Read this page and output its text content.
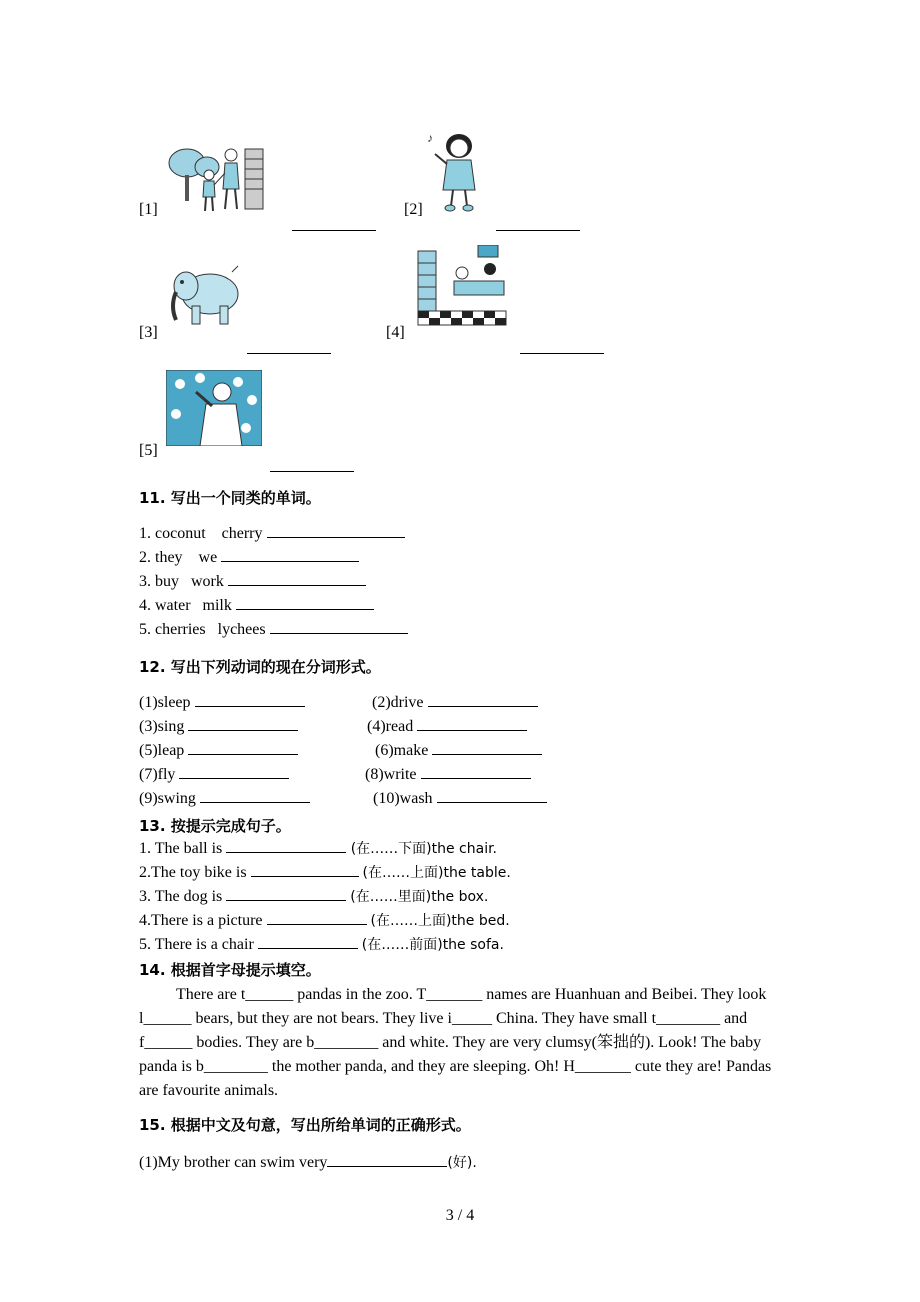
[1]
♪
[2]
[3]	[4]
[5]
11. 写出一个同类的单词。
1. coconut    cherry
2. they    we
3. buy   work
4. water   milk
5. cherries   lychees
12. 写出下列动词的现在分词形式。
(1)sleep	(2)drive
(3)sing	(4)read
(5)leap	(6)make
(7)fly	(8)write
(9)swing	(10)wash
13. 按提示完成句子。
1. The ball is	(在……下面)the chair.
2.The toy bike is	(在……上面)the table.
3. The dog is	(在……里面)the box.
4.There is a picture	(在……上面)the bed.
5. There is a chair	(在……前面)the sofa.
14. 根据首字母提示填空。
There are t______ pandas in the zoo. T_______ names are Huanhuan and Beibei. They look l______ bears, but they are not bears. They live i_____ China. They have small t________ and f______ bodies. They are b________ and white. They are very clumsy(笨拙的). Look! The baby panda is b________ the mother panda, and they are sleeping. Oh! H_______ cute they are! Pandas are favourite animals.
15. 根据中文及句意，写出所给单词的正确形式。
(1)My brother can swim very	(好).
3 / 4
